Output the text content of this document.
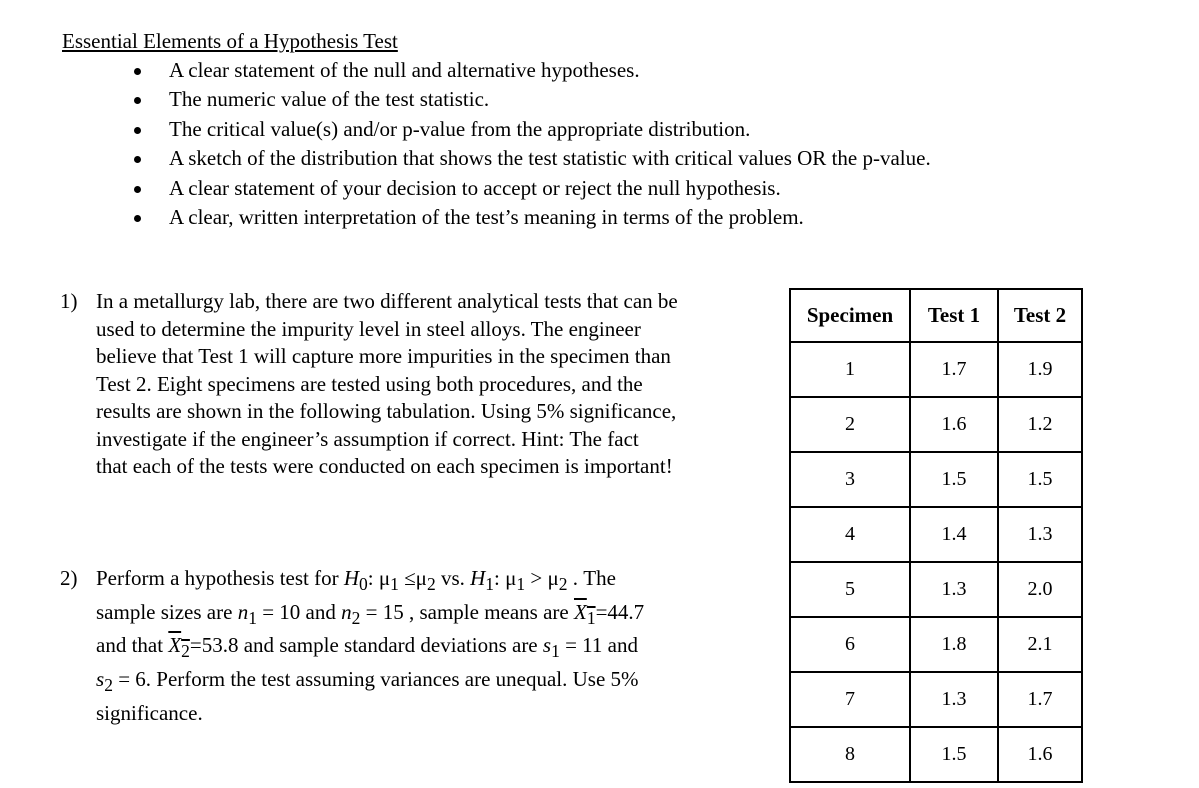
Essential Elements of a Hypothesis Test
A clear statement of the null and alternative hypotheses.
The numeric value of the test statistic.
The critical value(s) and/or p-value from the appropriate distribution.
A sketch of the distribution that shows the test statistic with critical values OR the p-value.
A clear statement of your decision to accept or reject the null hypothesis.
A clear, written interpretation of the test’s meaning in terms of the problem.
1) In a metallurgy lab, there are two different analytical tests that can be
used to determine the impurity level in steel alloys. The engineer
believe that Test 1 will capture more impurities in the specimen than
Test 2. Eight specimens are tested using both procedures, and the
results are shown in the following tabulation. Using 5% significance,
investigate if the engineer’s assumption if correct. Hint: The fact
that each of the tests were conducted on each specimen is important!
2) Perform a hypothesis test for $H_0$: $\mu_1 \le\mu_2$ vs. $H_1$: $\mu_1 > \mu_2$ . The
sample sizes are $n_1 = 10$ and $n_2 = 15$ , sample means are $X_1=44.7$
and that $X_2=53.8$ and sample standard deviations are $s_1 = 11$ and
$s_2 = 6$. Perform the test assuming variances are unequal. Use 5%
significance.
Specimen	Test 1	Test 2
1	1.7	1.9
2	1.6	1.2
3	1.5	1.5
4	1.4	1.3
5	1.3	2.0
6	1.8	2.1
7	1.3	1.7
8	1.5	1.6
